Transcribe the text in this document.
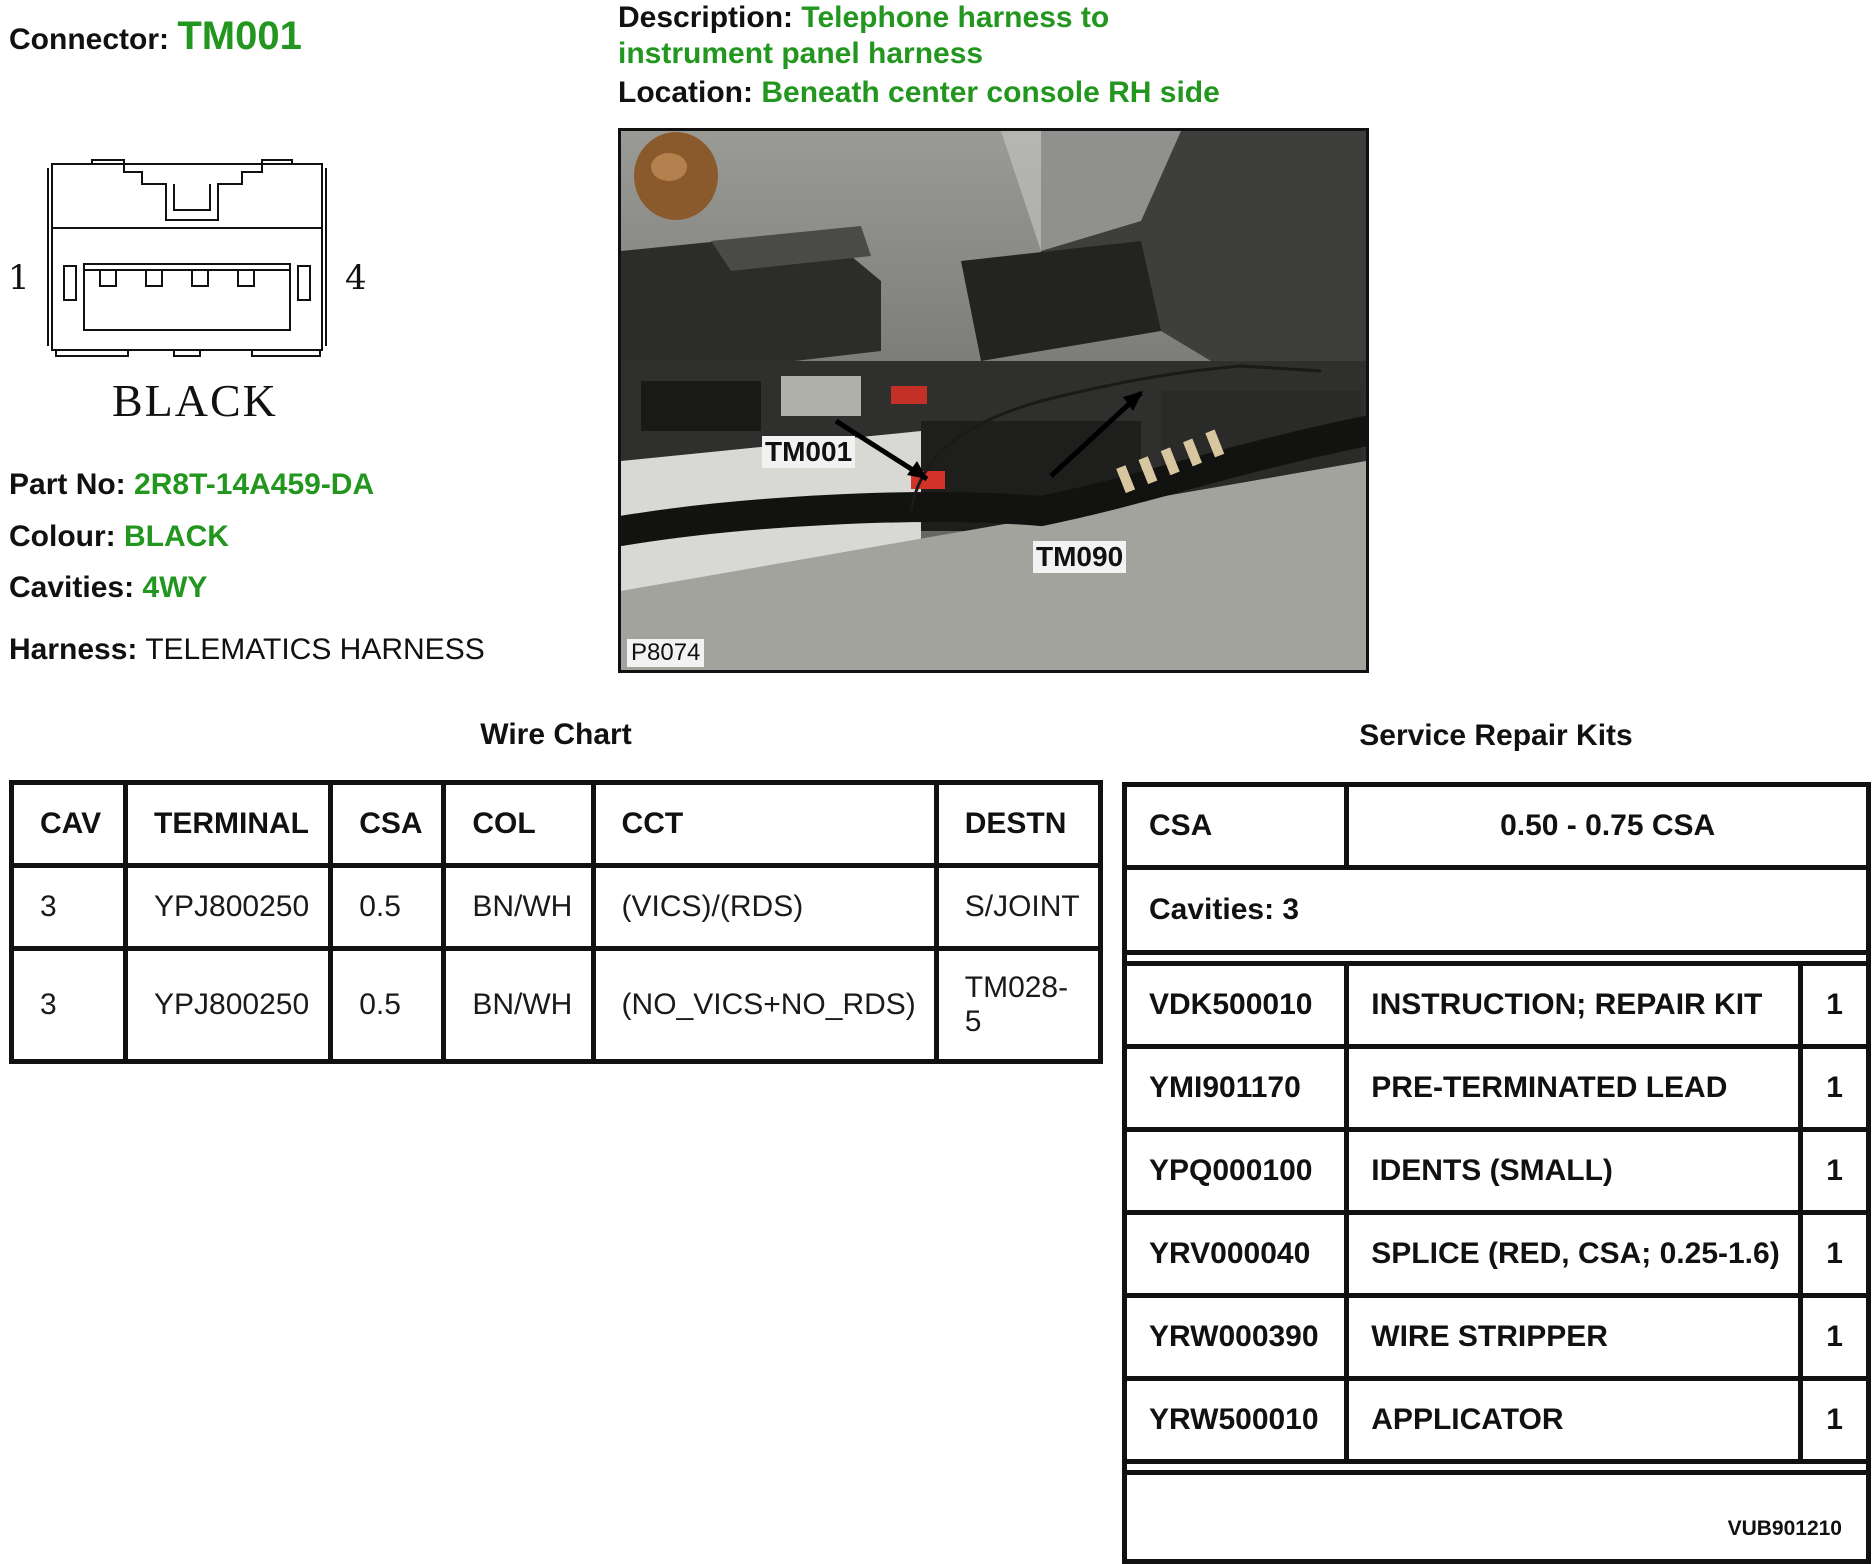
Connector: TM001	Description: Telephone harness to
instrument panel harness
Location: Beneath center console RH side
1	4
BLACK
TM001
TM090
P8074
Part No: 2R8T-14A459-DA
Colour: BLACK
Cavities: 4WY
Harness: TELEMATICS HARNESS
Wire Chart	Service Repair Kits
CAV	TERMINAL	CSA	COL	CCT	DESTN
3	YPJ800250	0.5	BN/WH	(VICS)/(RDS)	S/JOINT
3	YPJ800250	0.5	BN/WH	(NO_VICS+NO_RDS)	TM028-5
CSA	0.50 - 0.75 CSA	
Cavities: 3		

VDK500010	INSTRUCTION; REPAIR KIT	1
YMI901170	PRE-TERMINATED LEAD	1
YPQ000100	IDENTS (SMALL)	1
YRV000040	SPLICE (RED, CSA; 0.25-1.6)	1
YRW000390	WIRE STRIPPER	1
YRW500010	APPLICATOR	1

VUB901210		
